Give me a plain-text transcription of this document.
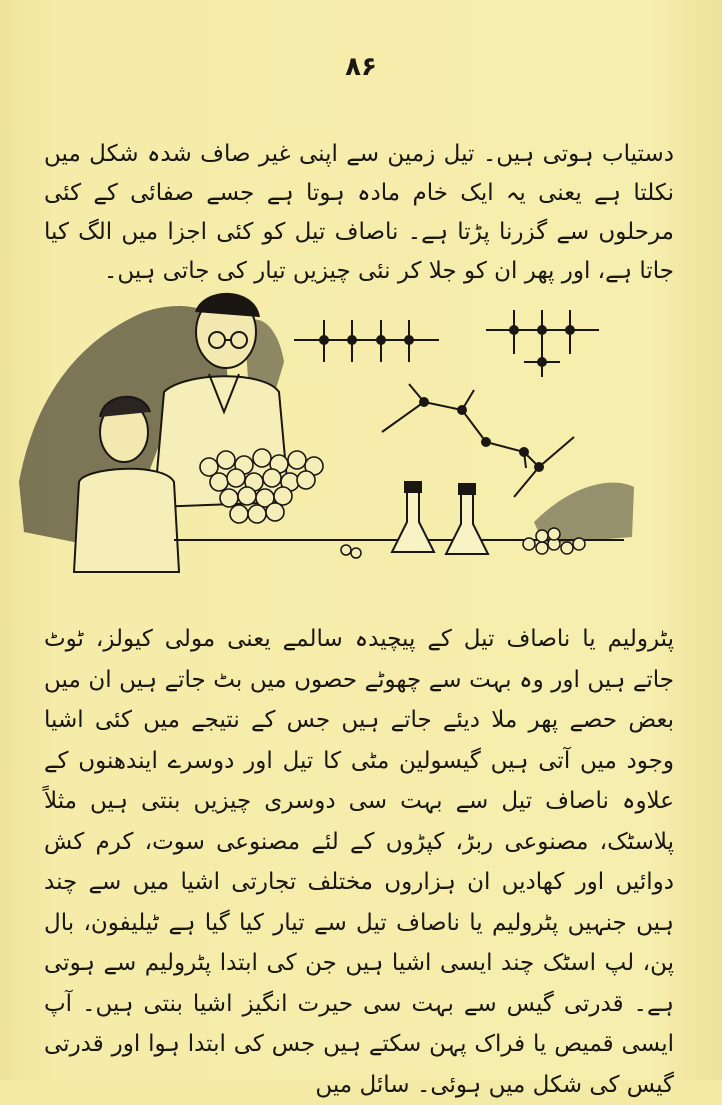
۸۶

دستیاب ہوتی ہیں۔ تیل زمین سے اپنی غیر صاف شدہ شکل میں نکلتا ہے یعنی یہ ایک خام مادہ ہوتا ہے جسے صفائی کے کئی مرحلوں سے گزرنا پڑتا ہے۔ ناصاف تیل کو کئی اجزا میں الگ کیا جاتا ہے، اور پھر ان کو جلا کر نئی چیزیں تیار کی جاتی ہیں۔

پٹرولیم یا ناصاف تیل کے پیچیدہ سالمے یعنی مولی کیولز، ٹوٹ جاتے ہیں اور وہ بہت سے چھوٹے حصوں میں بٹ جاتے ہیں ان میں بعض حصے پھر ملا دیئے جاتے ہیں جس کے نتیجے میں کئی اشیا وجود میں آتی ہیں گیسولین مٹی کا تیل اور دوسرے ایندھنوں کے علاوہ ناصاف تیل سے بہت سی دوسری چیزیں بنتی ہیں مثلاً پلاسٹک، مصنوعی ربڑ، کپڑوں کے لئے مصنوعی سوت، کرم کش دوائیں اور کھادیں ان ہزاروں مختلف تجارتی اشیا میں سے چند ہیں جنہیں پٹرولیم یا ناصاف تیل سے تیار کیا گیا ہے ٹیلیفون، بال پن، لپ اسٹک چند ایسی اشیا ہیں جن کی ابتدا پٹرولیم سے ہوتی ہے۔ قدرتی گیس سے بہت سی حیرت انگیز اشیا بنتی ہیں۔ آپ ایسی قمیص یا فراک پہن سکتے ہیں جس کی ابتدا ہوا اور قدرتی گیس کی شکل میں ہوئی۔ سائل میں
